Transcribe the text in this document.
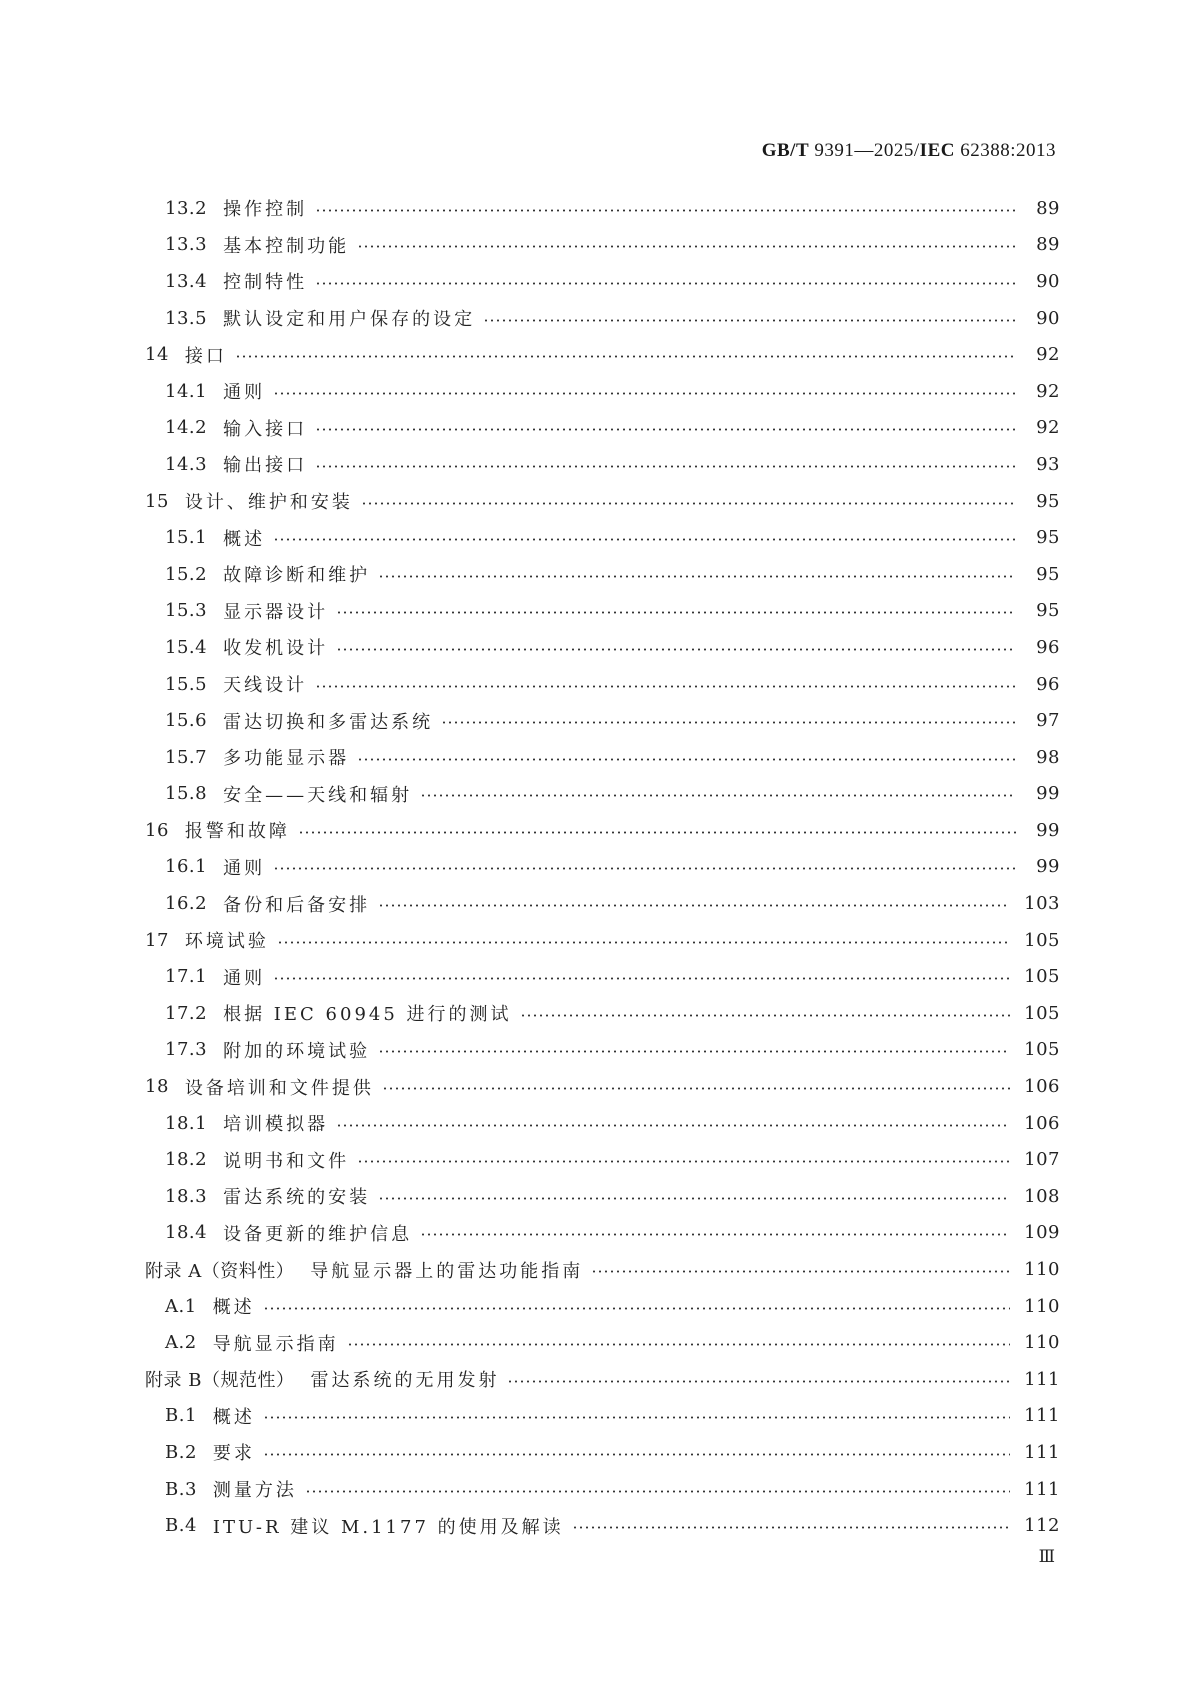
GB/T 9391—2025/IEC 62388:2013
13.2 操作控制	89
13.3 基本控制功能	89
13.4 控制特性	90
13.5 默认设定和用户保存的设定	90
14 接口	92
14.1 通则	92
14.2 输入接口	92
14.3 输出接口	93
15 设计、维护和安装	95
15.1 概述	95
15.2 故障诊断和维护	95
15.3 显示器设计	95
15.4 收发机设计	96
15.5 天线设计	96
15.6 雷达切换和多雷达系统	97
15.7 多功能显示器	98
15.8 安全——天线和辐射	99
16 报警和故障	99
16.1 通则	99
16.2 备份和后备安排	103
17 环境试验	105
17.1 通则	105
17.2 根据 IEC 60945 进行的测试	105
17.3 附加的环境试验	105
18 设备培训和文件提供	106
18.1 培训模拟器	106
18.2 说明书和文件	107
18.3 雷达系统的安装	108
18.4 设备更新的维护信息	109
附录 A（资料性） 导航显示器上的雷达功能指南	110
A.1 概述	110
A.2 导航显示指南	110
附录 B（规范性） 雷达系统的无用发射	111
B.1 概述	111
B.2 要求	111
B.3 测量方法	111
B.4 ITU-R 建议 M.1177 的使用及解读	112
Ⅲ
